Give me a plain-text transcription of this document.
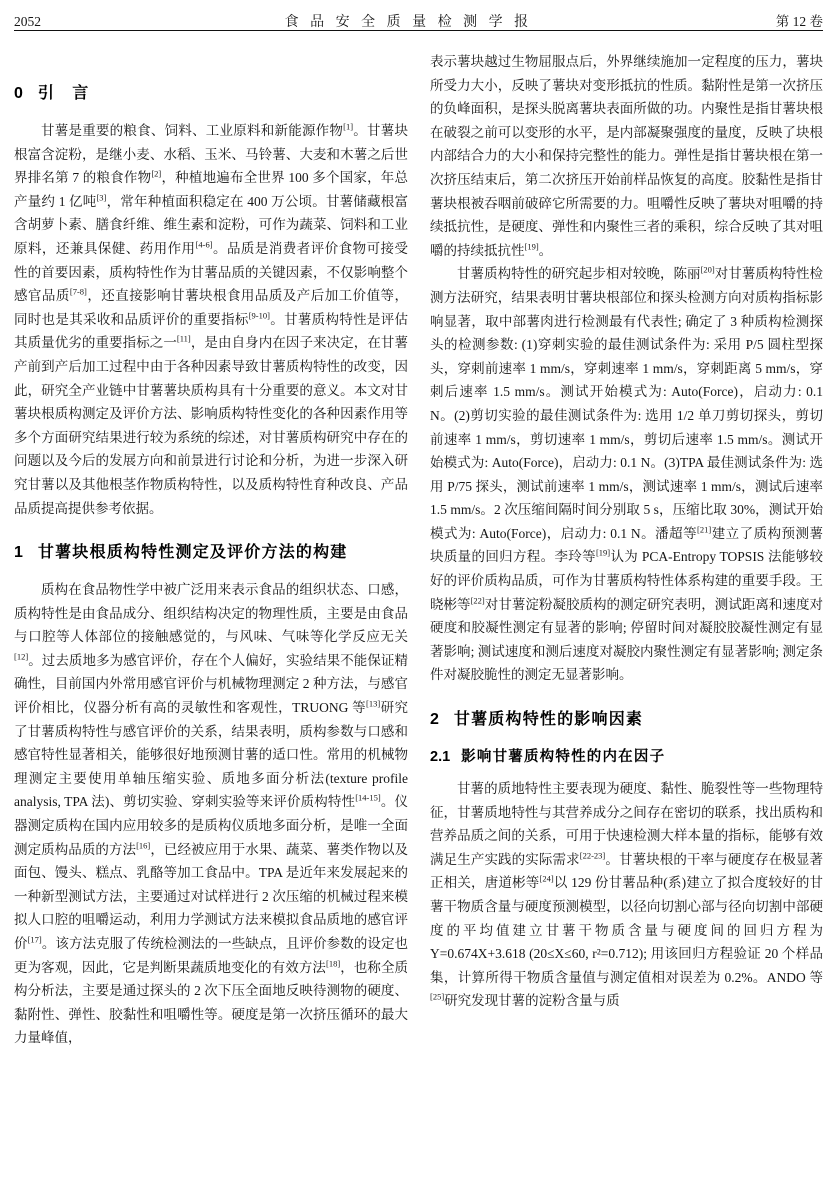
2052	食 品 安 全 质 量 检 测 学 报	第 12 卷
0 引　言

甘薯是重要的粮食、饲料、工业原料和新能源作物[1]。甘薯块根富含淀粉，是继小麦、水稻、玉米、马铃薯、大麦和木薯之后世界排名第 7 的粮食作物[2]，种植地遍布全世界 100 多个国家，年总产量约 1 亿吨[3]，常年种植面积稳定在 400 万公顷。甘薯储藏根富含胡萝卜素、膳食纤维、维生素和淀粉，可作为蔬菜、饲料和工业原料，还兼具保健、药用作用[4-6]。品质是消费者评价食物可接受性的首要因素，质构特性作为甘薯品质的关键因素，不仅影响整个感官品质[7-8]，还直接影响甘薯块根食用品质及产后加工价值等，同时也是其采收和品质评价的重要指标[9-10]。甘薯质构特性是评估其质量优劣的重要指标之一[11]，是由自身内在因子来决定，在甘薯产前到产后加工过程中由于各种因素导致甘薯质构特性的改变，因此，研究全产业链中甘薯薯块质构具有十分重要的意义。本文对甘薯块根质构测定及评价方法、影响质构特性变化的各种因素作用等多个方面研究结果进行较为系统的综述，对甘薯质构研究中存在的问题以及今后的发展方向和前景进行讨论和分析，为进一步深入研究甘薯以及其他根茎作物质构特性，以及质构特性育种改良、产品品质提高提供参考依据。

1 甘薯块根质构特性测定及评价方法的构建

质构在食品物性学中被广泛用来表示食品的组织状态、口感，质构特性是由食品成分、组织结构决定的物理性质，主要是由食品与口腔等人体部位的接触感觉的，与风味、气味等化学反应无关[12]。过去质地多为感官评价，存在个人偏好，实验结果不能保证精确性，目前国内外常用感官评价与机械物理测定 2 种方法，与感官评价相比，仪器分析有高的灵敏性和客观性，TRUONG 等[13]研究了甘薯质构特性与感官评价的关系，结果表明，质构参数与口感和感官特性显著相关，能够很好地预测甘薯的适口性。常用的机械物理测定主要使用单轴压缩实验、质地多面分析法(texture profile analysis, TPA 法)、剪切实验、穿刺实验等来评价质构特性[14-15]。仪器测定质构在国内应用较多的是质构仪质地多面分析，是唯一全面测定质构品质的方法[16]，已经被应用于水果、蔬菜、薯类作物以及面包、馒头、糕点、乳酪等加工食品中。TPA 是近年来发展起来的一种新型测试方法，主要通过对试样进行 2 次压缩的机械过程来模拟人口腔的咀嚼运动，利用力学测试方法来模拟食品质地的感官评价[17]。该方法克服了传统检测法的一些缺点，且评价参数的设定也更为客观，因此，它是判断果蔬质地变化的有效方法[18]，也称全质构分析法，主要是通过探头的 2 次下压全面地反映待测物的硬度、黏附性、弹性、胶黏性和咀嚼性等。硬度是第一次挤压循环的最大力量峰值，

表示薯块越过生物屈服点后，外界继续施加一定程度的压力，薯块所受力大小，反映了薯块对变形抵抗的性质。黏附性是第一次挤压的负峰面积，是探头脱离薯块表面所做的功。内聚性是指甘薯块根在破裂之前可以变形的水平，是内部凝聚强度的量度，反映了块根内部结合力的大小和保持完整性的能力。弹性是指甘薯块根在第一次挤压结束后，第二次挤压开始前样品恢复的高度。胶黏性是指甘薯块根被吞咽前破碎它所需要的力。咀嚼性反映了薯块对咀嚼的持续抵抗性，是硬度、弹性和内聚性三者的乘积，综合反映了其对咀嚼的持续抵抗性[19]。

甘薯质构特性的研究起步相对较晚，陈丽[20]对甘薯质构特性检测方法研究，结果表明甘薯块根部位和探头检测方向对质构指标影响显著，取中部薯肉进行检测最有代表性; 确定了 3 种质构检测探头的检测参数: (1)穿刺实验的最佳测试条件为: 采用 P/5 圆柱型探头，穿刺前速率 1 mm/s，穿刺速率 1 mm/s，穿刺距离 5 mm/s，穿刺后速率 1.5 mm/s。测试开始模式为: Auto(Force)，启动力: 0.1 N。(2)剪切实验的最佳测试条件为: 选用 1/2 单刀剪切探头，剪切前速率 1 mm/s，剪切速率 1 mm/s，剪切后速率 1.5 mm/s。测试开始模式为: Auto(Force)，启动力: 0.1 N。(3)TPA 最佳测试条件为: 选用 P/75 探头，测试前速率 1 mm/s，测试速率 1 mm/s，测试后速率 1.5 mm/s。2 次压缩间隔时间分别取 5 s，压缩比取 30%，测试开始模式为: Auto(Force)，启动力: 0.1 N。潘超等[21]建立了质构预测薯块质量的回归方程。李玲等[19]认为 PCA-Entropy TOPSIS 法能够较好的评价质构品质，可作为甘薯质构特性体系构建的重要手段。王晓彬等[22]对甘薯淀粉凝胶质构的测定研究表明，测试距离和速度对硬度和胶凝性测定有显著的影响; 停留时间对凝胶胶凝性测定有显著影响; 测试速度和测后速度对凝胶内聚性测定有显著影响; 测定条件对凝胶脆性的测定无显著影响。

2 甘薯质构特性的影响因素
2.1 影响甘薯质构特性的内在因子

甘薯的质地特性主要表现为硬度、黏性、脆裂性等一些物理特征，甘薯质地特性与其营养成分之间存在密切的联系，找出质构和营养品质之间的关系，可用于快速检测大样本量的指标，能够有效满足生产实践的实际需求[22-23]。甘薯块根的干率与硬度存在极显著正相关，唐道彬等[24]以 129 份甘薯品种(系)建立了拟合度较好的甘薯干物质含量与硬度预测模型，以径向切割心部与径向切割中部硬度的平均值建立甘薯干物质含量与硬度间的回归方程为 Y=0.674X+3.618 (20≤X≤60, r²=0.712); 用该回归方程验证 20 个样品集，计算所得干物质含量值与测定值相对误差为 0.2%。ANDO 等[25]研究发现甘薯的淀粉含量与质
